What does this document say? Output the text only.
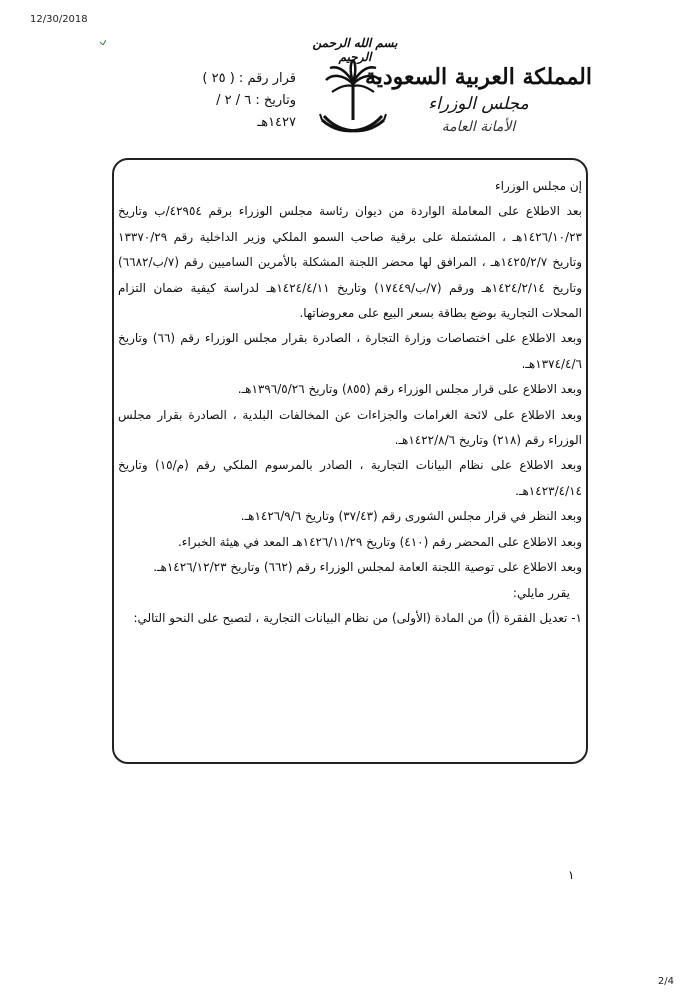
12/30/2018
بسم الله الرحمن الرحيم
المملكة العربية السعودية
مجلس الوزراء
الأمانة العامة
قرار رقم : ( ٢٥ )
وتاريخ : ٦ / ٢ / ١٤٢٧هـ

إن مجلس الوزراء

بعد الاطلاع على المعاملة الواردة من ديوان رئاسة مجلس الوزراء برقم ٤٢٩٥٤/ب وتاريخ ١٤٢٦/١٠/٢٣هـ ، المشتملة على برقية صاحب السمو الملكي وزير الداخلية رقم ١٣٣٧٠/٢٩ وتاريخ ١٤٢٥/٢/٧هـ ، المرافق لها محضر اللجنة المشكلة بالأمرين الساميين رقم (٧/ب/٦٦٨٢) وتاريخ ١٤٢٤/٢/١٤هـ ورقم (٧/ب/١٧٤٤٩) وتاريخ ١٤٢٤/٤/١١هـ لدراسة كيفية ضمان التزام المحلات التجارية بوضع بطاقة بسعر البيع على معروضاتها.

وبعد الاطلاع على اختصاصات وزارة التجارة ، الصادرة بقرار مجلس الوزراء رقم (٦٦) وتاريخ ١٣٧٤/٤/٦هـ.

وبعد الاطلاع على قرار مجلس الوزراء رقم (٨٥٥) وتاريخ ١٣٩٦/٥/٢٦هـ.

وبعد الاطلاع على لائحة الغرامات والجزاءات عن المخالفات البلدية ، الصادرة بقرار مجلس الوزراء رقم (٢١٨) وتاريخ ١٤٢٢/٨/٦هـ.

وبعد الاطلاع على نظام البيانات التجارية ، الصادر بالمرسوم الملكي رقم (م/١٥) وتاريخ ١٤٢٣/٤/١٤هـ.

وبعد النظر في قرار مجلس الشورى رقم (٣٧/٤٣) وتاريخ ١٤٢٦/٩/٦هـ.

وبعد الاطلاع على المحضر رقم (٤١٠) وتاريخ ١٤٢٦/١١/٢٩هـ المعد في هيئة الخبراء.

وبعد الاطلاع على توصية اللجنة العامة لمجلس الوزراء رقم (٦٦٢) وتاريخ ١٤٢٦/١٢/٢٣هـ.

يقرر مايلي:

١- تعديل الفقرة (أ) من المادة (الأولى) من نظام البيانات التجارية ، لتصبح على النحو التالي:

١
2/4
